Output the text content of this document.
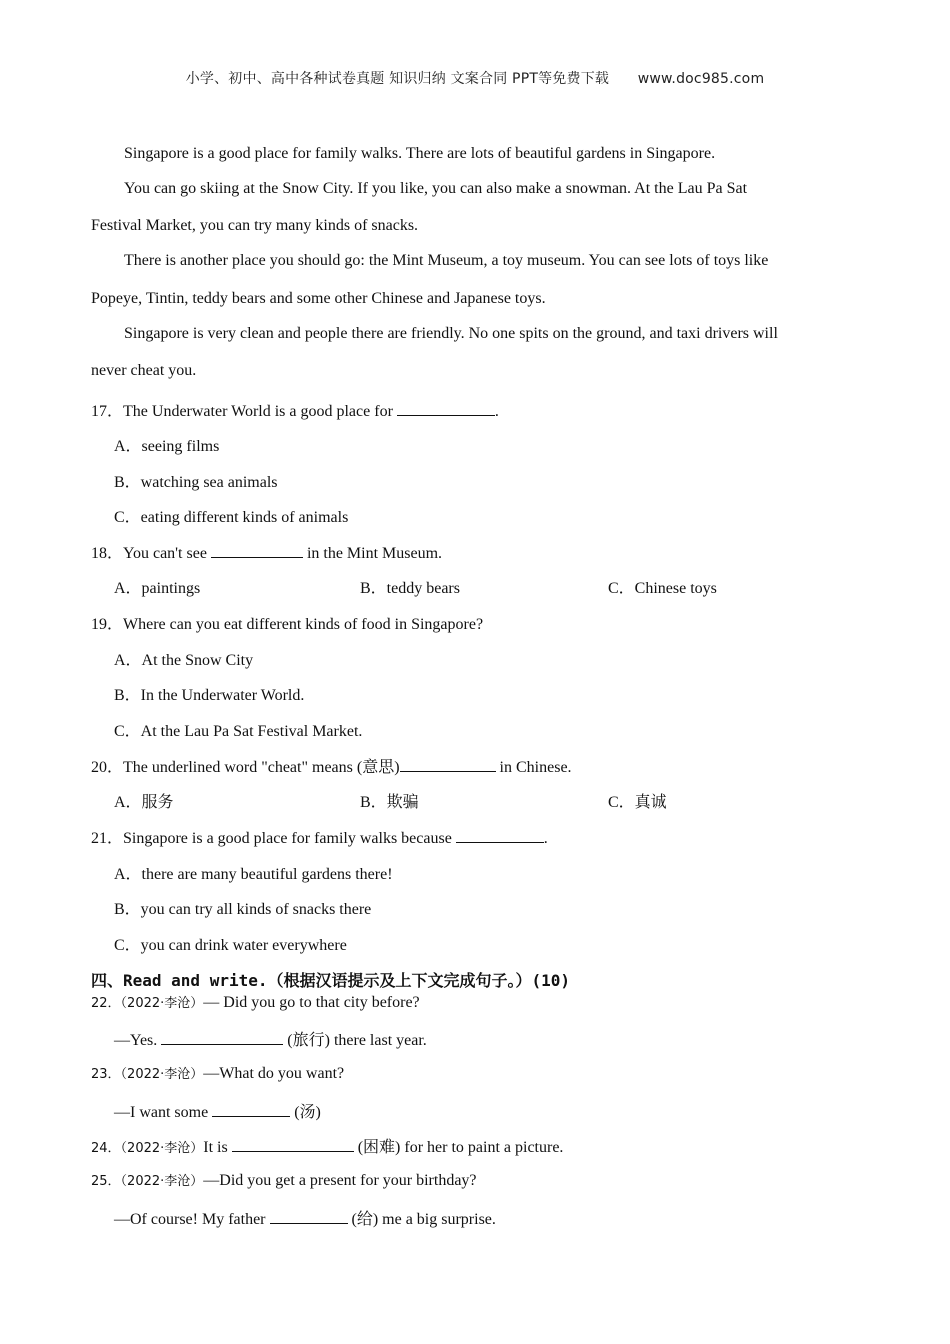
小学、初中、高中各种试卷真题 知识归纳 文案合同 PPT等免费下载 www.doc985.com
Singapore is a good place for family walks. There are lots of beautiful gardens in Singapore.
You can go skiing at the Snow City. If you like, you can also make a snowman. At the Lau Pa Sat
Festival Market, you can try many kinds of snacks.
There is another place you should go: the Mint Museum, a toy museum. You can see lots of toys like
Popeye, Tintin, teddy bears and some other Chinese and Japanese toys.
Singapore is very clean and people there are friendly. No one spits on the ground, and taxi drivers will
never cheat you.
17．The Underwater World is a good place for	.
A．seeing films
B．watching sea animals
C．eating different kinds of animals
18．You can't see	in the Mint Museum.
A．paintings	B．teddy bears	C．Chinese toys
19．Where can you eat different kinds of food in Singapore?
A．At the Snow City
B．In the Underwater World.
C．At the Lau Pa Sat Festival Market.
20．The underlined word "cheat" means (意思)	in Chinese.
A．服务	B．欺骗	C．真诚
21．Singapore is a good place for family walks because	.
A．there are many beautiful gardens there!
B．you can try all kinds of snacks there
C．you can drink water everywhere
四、Read and write.（根据汉语提示及上下文完成句子。）(10)
22．（2022·李沧）— Did you go to that city before?
—Yes.	(旅行) there last year.
23．（2022·李沧）—What do you want?
—I want some	(汤)
24．（2022·李沧）It is	(困难) for her to paint a picture.
25．（2022·李沧）—Did you get a present for your birthday?
—Of course! My father	(给) me a big surprise.
